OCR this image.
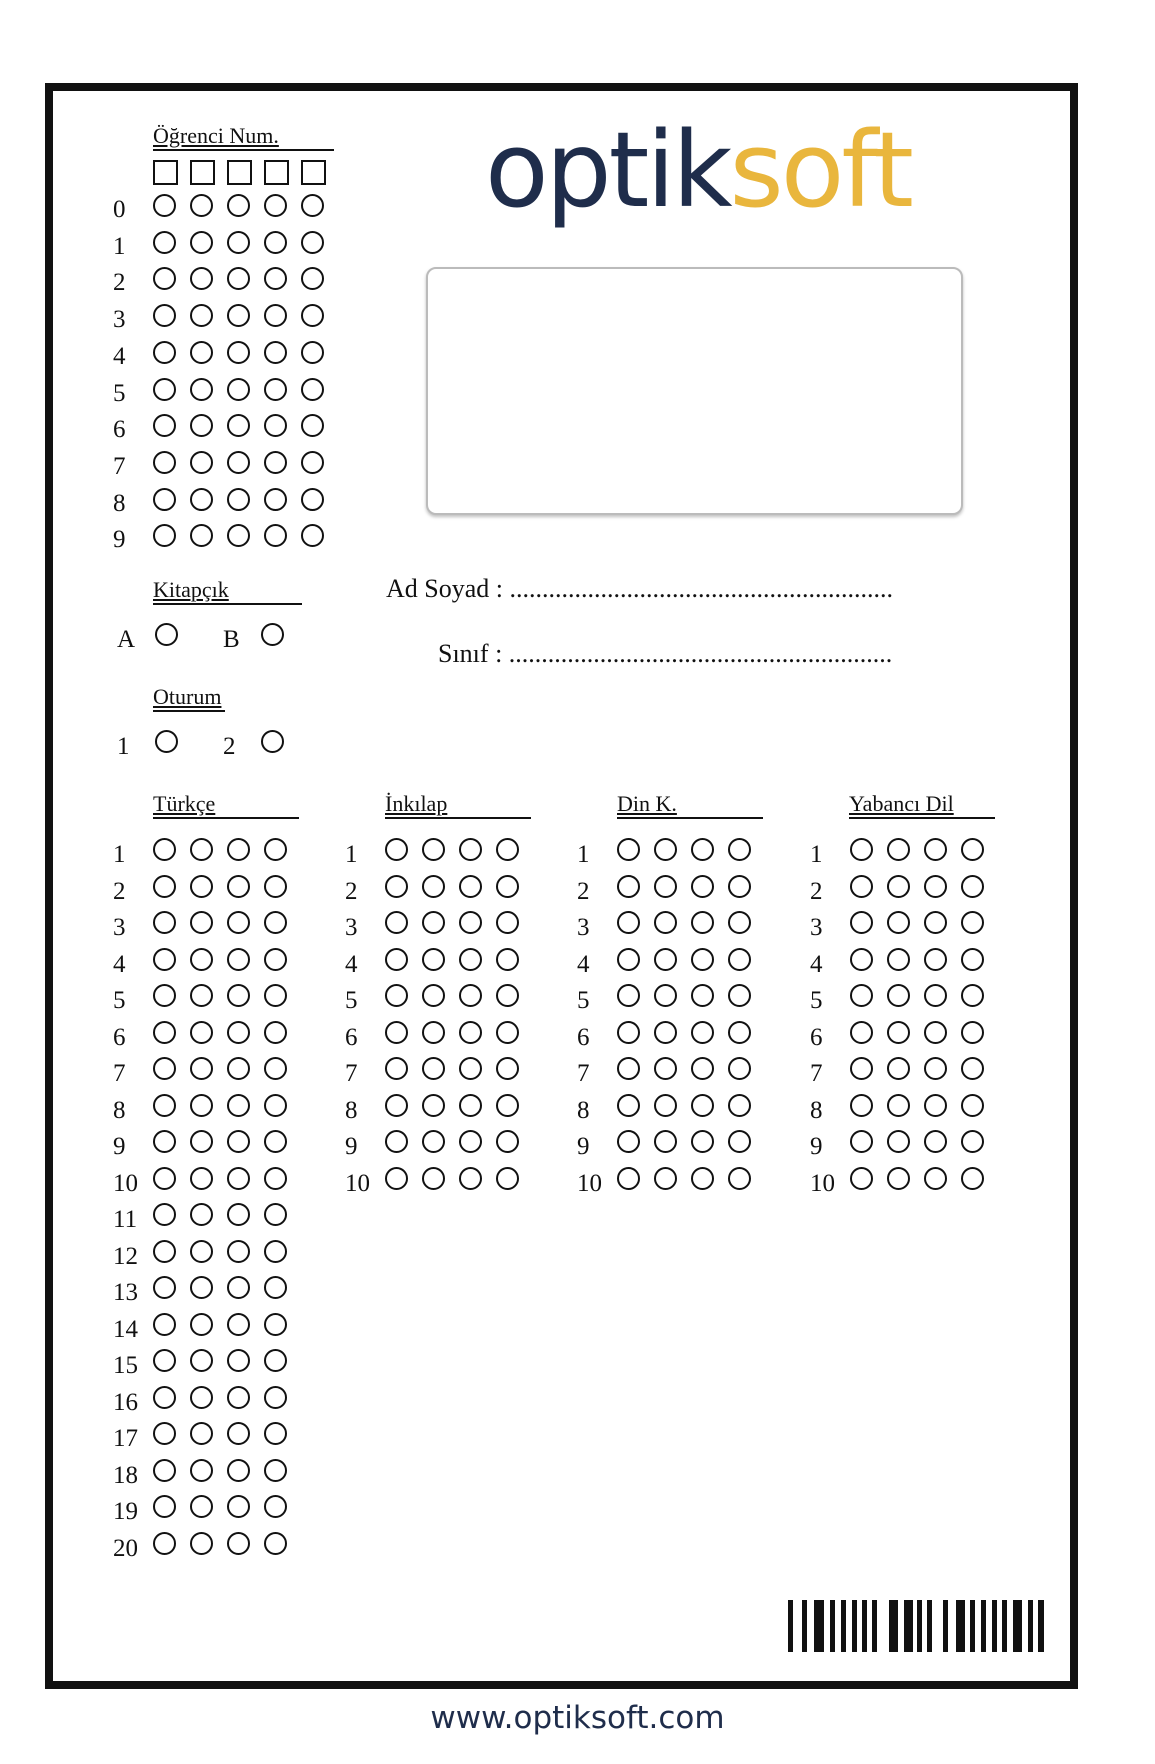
Öğrenci Num.
0
1
2
3
4
5
6
7
8
9
optiksoft
Kitapçık
A	B
Oturum
1	2
Ad Soyad : ...........................................................
Sınıf : ...........................................................
Türkçe
1
2
3
4
5
6
7
8
9
10
11
12
13
14
15
16
17
18
19
20
İnkılap
1
2
3
4
5
6
7
8
9
10
Din K.
1
2
3
4
5
6
7
8
9
10
Yabancı Dil
1
2
3
4
5
6
7
8
9
10
www.optiksoft.com
